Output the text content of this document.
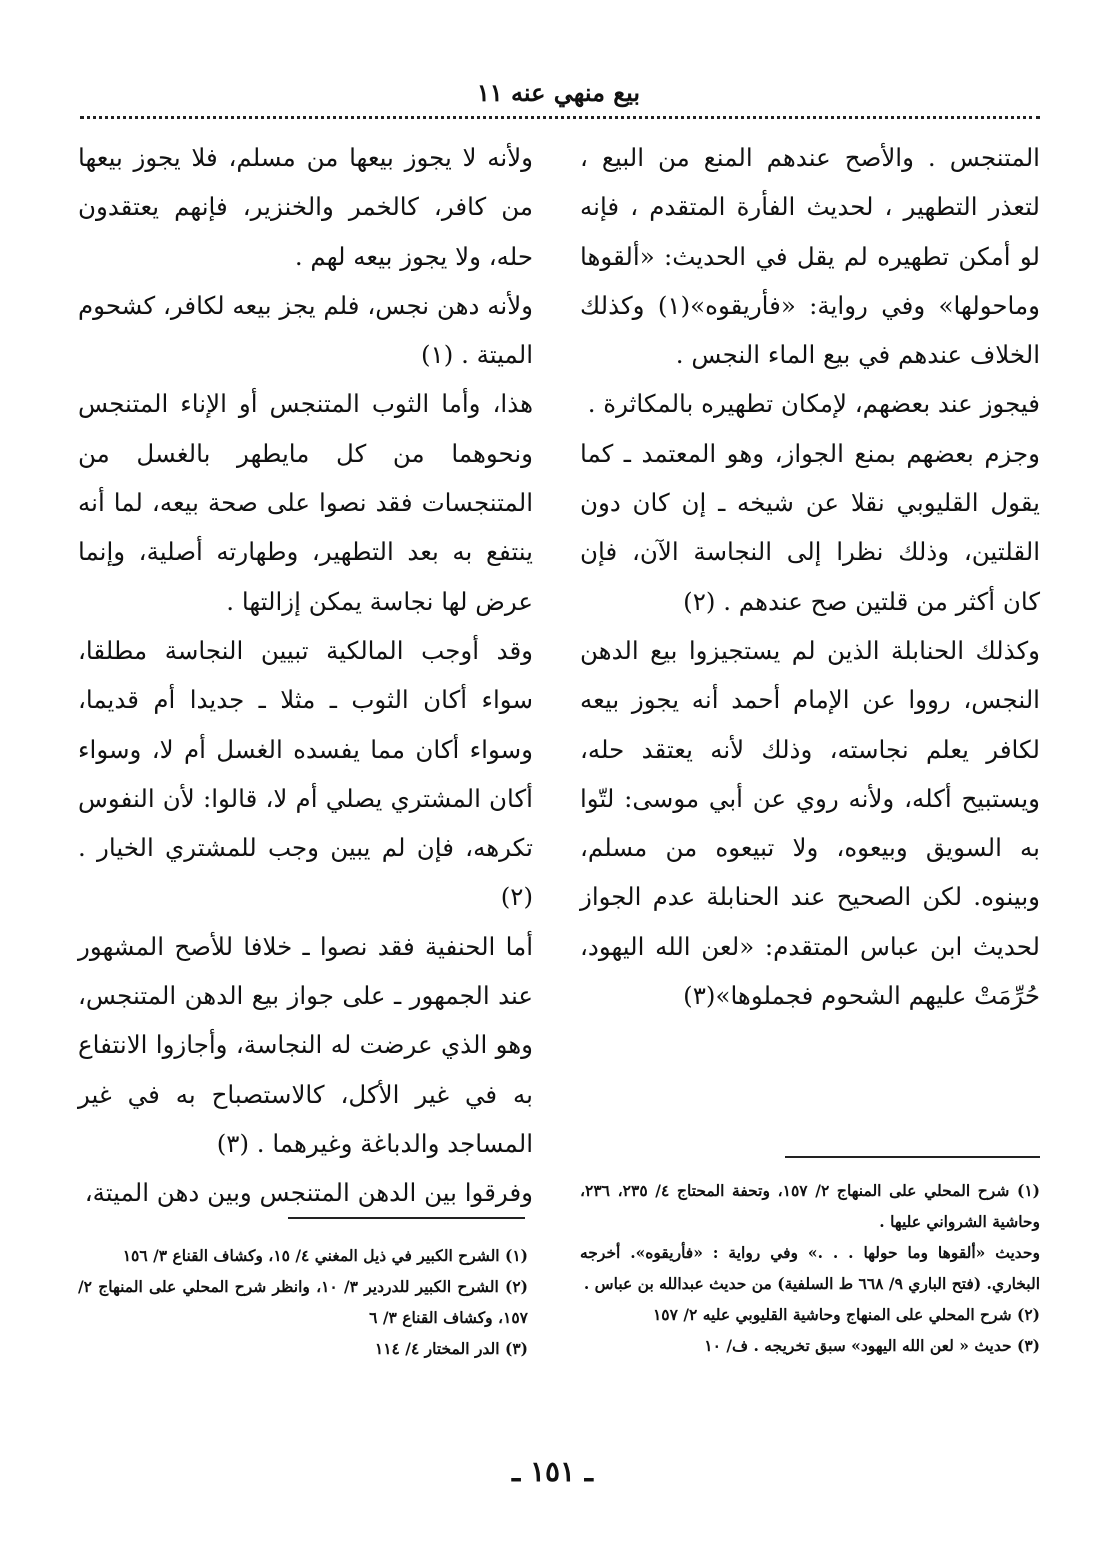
بيع منهي عنه ١١

المتنجس . والأصح عندهم المنع من البيع ، لتعذر التطهير ، لحديث الفأرة المتقدم ، فإنه لو أمكن تطهيره لم يقل في الحديث: «ألقوها وماحولها» وفي رواية: «فأريقوه»(١) وكذلك الخلاف عندهم في بيع الماء النجس .

فيجوز عند بعضهم، لإمكان تطهيره بالمكاثرة .

وجزم بعضهم بمنع الجواز، وهو المعتمد ـ كما يقول القليوبي نقلا عن شيخه ـ إن كان دون القلتين، وذلك نظرا إلى النجاسة الآن، فإن كان أكثر من قلتين صح عندهم . (٢)

وكذلك الحنابلة الذين لم يستجيزوا بيع الدهن النجس، رووا عن الإمام أحمد أنه يجوز بيعه لكافر يعلم نجاسته، وذلك لأنه يعتقد حله، ويستبيح أكله، ولأنه روي عن أبي موسى: لتّوا به السويق وبيعوه، ولا تبيعوه من مسلم، وبينوه. لكن الصحيح عند الحنابلة عدم الجواز لحديث ابن عباس المتقدم: «لعن الله اليهود، حُرِّمَتْ عليهم الشحوم فجملوها»(٣)

ولأنه لا يجوز بيعها من مسلم، فلا يجوز بيعها من كافر، كالخمر والخنزير، فإنهم يعتقدون حله، ولا يجوز بيعه لهم .

ولأنه دهن نجس، فلم يجز بيعه لكافر، كشحوم الميتة . (١)

هذا، وأما الثوب المتنجس أو الإناء المتنجس ونحوهما من كل مايطهر بالغسل من المتنجسات فقد نصوا على صحة بيعه، لما أنه ينتفع به بعد التطهير، وطهارته أصلية، وإنما عرض لها نجاسة يمكن إزالتها .

وقد أوجب المالكية تبيين النجاسة مطلقا، سواء أكان الثوب ـ مثلا ـ جديدا أم قديما، وسواء أكان مما يفسده الغسل أم لا، وسواء أكان المشتري يصلي أم لا، قالوا: لأن النفوس تكرهه، فإن لم يبين وجب للمشتري الخيار . (٢)

أما الحنفية فقد نصوا ـ خلافا للأصح المشهور عند الجمهور ـ على جواز بيع الدهن المتنجس، وهو الذي عرضت له النجاسة، وأجازوا الانتفاع به في غير الأكل، كالاستصباح به في غير المساجد والدباغة وغيرهما . (٣)

وفرقوا بين الدهن المتنجس وبين دهن الميتة،	(١) شرح المحلي على المنهاج ٢/ ١٥٧، وتحفة المحتاج ٤/ ٢٣٥، ٢٣٦، وحاشية الشرواني عليها .

وحديث «ألقوها وما حولها . . .» وفي رواية : «فأريقوه». أخرجه البخاري. (فتح الباري ٩/ ٦٦٨ ط السلفية) من حديث عبدالله بن عباس .

(٢) شرح المحلي على المنهاج وحاشية القليوبي عليه ٢/ ١٥٧

(٣) حديث « لعن الله اليهود» سبق تخريجه . ف/ ١٠

(١) الشرح الكبير في ذيل المغني ٤/ ١٥، وكشاف القناع ٣/ ١٥٦

(٢) الشرح الكبير للدردير ٣/ ١٠، وانظر شرح المحلي على المنهاج ٢/ ١٥٧، وكشاف القناع ٣/ ٦

(٣) الدر المختار ٤/ ١١٤

ـ ١٥١ ـ
